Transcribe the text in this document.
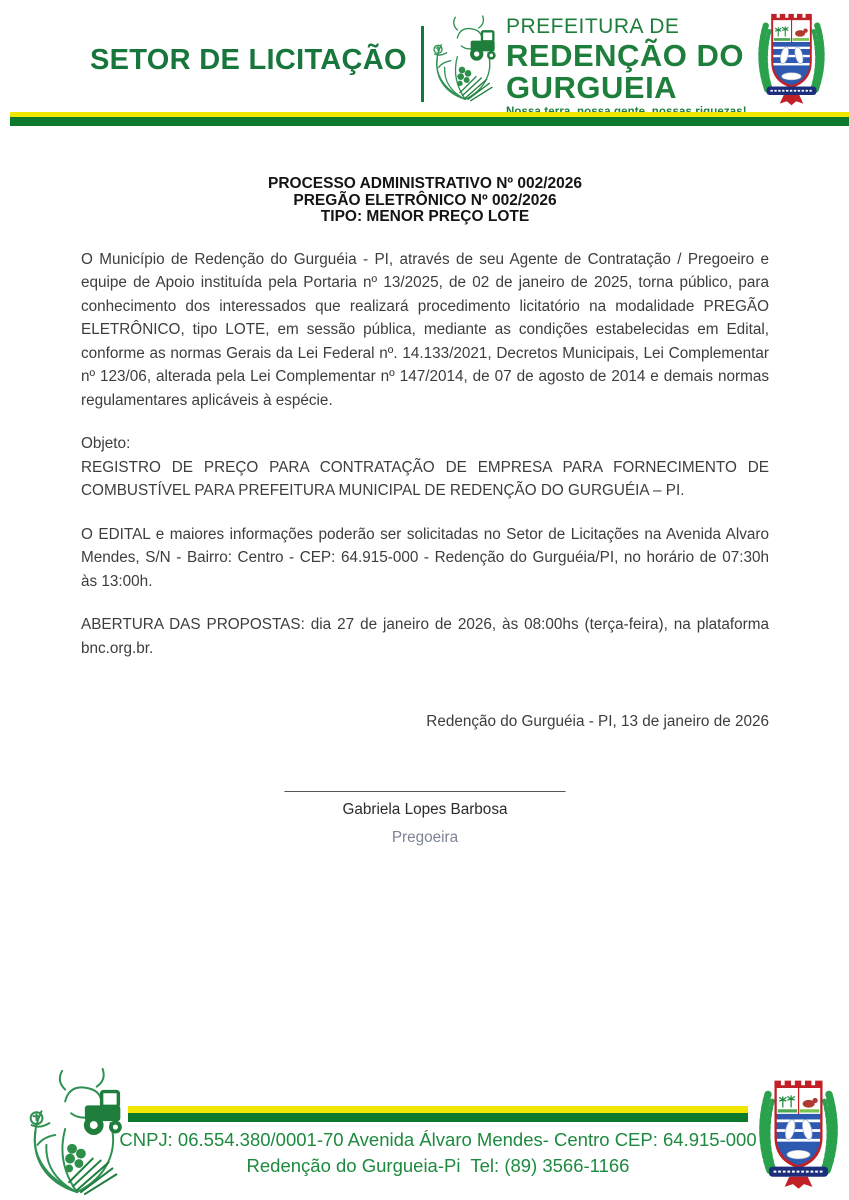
SETOR DE LICITAÇÃO
PREFEITURA DE
REDENÇÃO DO
GURGUEIA
PROCESSO ADMINISTRATIVO Nº 002/2026
PREGÃO ELETRÔNICO Nº 002/2026
TIPO: MENOR PREÇO LOTE

O Município de Redenção do Gurguéia - PI, através de seu Agente de Contratação / Pregoeiro e equipe de Apoio instituída pela Portaria nº 13/2025, de 02 de janeiro de 2025, torna público, para conhecimento dos interessados que realizará procedimento licitatório na modalidade PREGÃO ELETRÔNICO, tipo LOTE, em sessão pública, mediante as condições estabelecidas em Edital, conforme as normas Gerais da Lei Federal nº. 14.133/2021, Decretos Municipais, Lei Complementar nº 123/06, alterada pela Lei Complementar nº 147/2014, de 07 de agosto de 2014 e demais normas regulamentares aplicáveis à espécie.

Objeto:
REGISTRO DE PREÇO PARA CONTRATAÇÃO DE EMPRESA PARA FORNECIMENTO DE COMBUSTÍVEL PARA PREFEITURA MUNICIPAL DE REDENÇÃO DO GURGUÉIA – PI.

O EDITAL e maiores informações poderão ser solicitadas no Setor de Licitações na Avenida Alvaro Mendes, S/N - Bairro: Centro - CEP: 64.915-000 - Redenção do Gurguéia/PI, no horário de 07:30h às 13:00h.

ABERTURA DAS PROPOSTAS: dia 27 de janeiro de 2026, às 08:00hs (terça-feira), na plataforma bnc.org.br.

Redenção do Gurguéia - PI, 13 de janeiro de 2026
_________________________________
Gabriela Lopes Barbosa
Pregoeira
CNPJ: 06.554.380/0001-70 Avenida Álvaro Mendes- Centro CEP: 64.915-000
Redenção do Gurgueia-Pi  Tel: (89) 3566-1166
